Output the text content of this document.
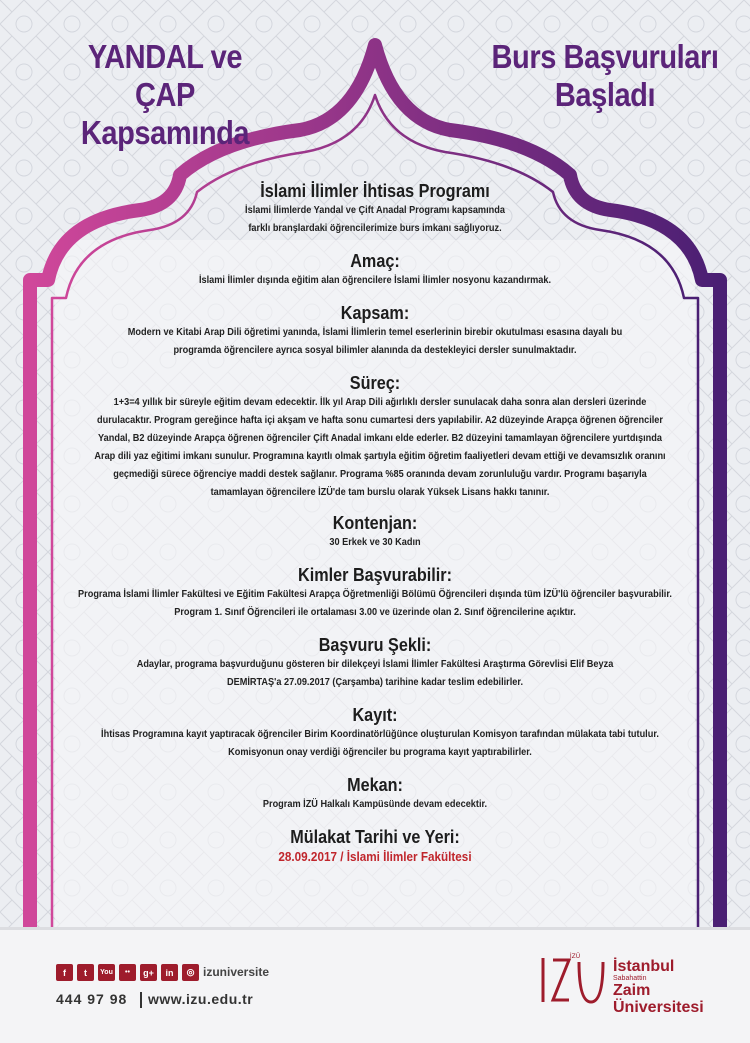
YANDAL ve ÇAP
Kapsamında
Burs Başvuruları
Başladı

İslami İlimler İhtisas Programı

İslami İlimlerde Yandal ve Çift Anadal Programı kapsamında farklı branşlardaki öğrencilerimize burs imkanı sağlıyoruz.

Amaç:

İslami İlimler dışında eğitim alan öğrencilere İslami İlimler nosyonu kazandırmak.

Kapsam:

Modern ve Kitabi Arap Dili öğretimi yanında, İslami İlimlerin temel eserlerinin birebir okutulması esasına dayalı bu programda öğrencilere ayrıca sosyal bilimler alanında da destekleyici dersler sunulmaktadır.

Süreç:

1+3=4 yıllık bir süreyle eğitim devam edecektir. İlk yıl Arap Dili ağırlıklı dersler sunulacak daha sonra alan dersleri üzerinde durulacaktır. Program gereğince hafta içi akşam ve hafta sonu cumartesi ders yapılabilir. A2 düzeyinde Arapça öğrenen öğrenciler Yandal, B2 düzeyinde Arapça öğrenen öğrenciler Çift Anadal imkanı elde ederler. B2 düzeyini tamamlayan öğrencilere yurtdışında Arap dili yaz eğitimi imkanı sunulur. Programına kayıtlı olmak şartıyla eğitim öğretim faaliyetleri devam ettiği ve devamsızlık oranını geçmediği sürece öğrenciye maddi destek sağlanır. Programa %85 oranında devam zorunluluğu vardır. Programı başarıyla tamamlayan öğrencilere İZÜ'de tam burslu olarak Yüksek Lisans hakkı tanınır.

Kontenjan:

30 Erkek ve 30 Kadın

Kimler Başvurabilir:

Programa İslami İlimler Fakültesi ve Eğitim Fakültesi Arapça Öğretmenliği Bölümü Öğrencileri dışında tüm İZÜ'lü öğrenciler başvurabilir. Program 1. Sınıf Öğrencileri ile ortalaması 3.00 ve üzerinde olan 2. Sınıf öğrencilerine açıktır.

Başvuru Şekli:

Adaylar, programa başvurduğunu gösteren bir dilekçeyi İslami İlimler Fakültesi Araştırma Görevlisi Elif Beyza DEMİRTAŞ'a 27.09.2017 (Çarşamba) tarihine kadar teslim edebilirler.

Kayıt:

İhtisas Programına kayıt yaptıracak öğrenciler Birim Koordinatörlüğünce oluşturulan Komisyon tarafından mülakata tabi tutulur. Komisyonun onay verdiği öğrenciler bu programa kayıt yaptırabilirler.

Mekan:

Program İZÜ Halkalı Kampüsünde devam edecektir.

Mülakat Tarihi ve Yeri:

28.09.2017 / İslami İlimler Fakültesi

f	t	You	••	g+	in	◎ izuniversite
444 97 98 www.izu.edu.tr
İZÜ
İstanbul
Sabahattin
Zaim
Üniversitesi
